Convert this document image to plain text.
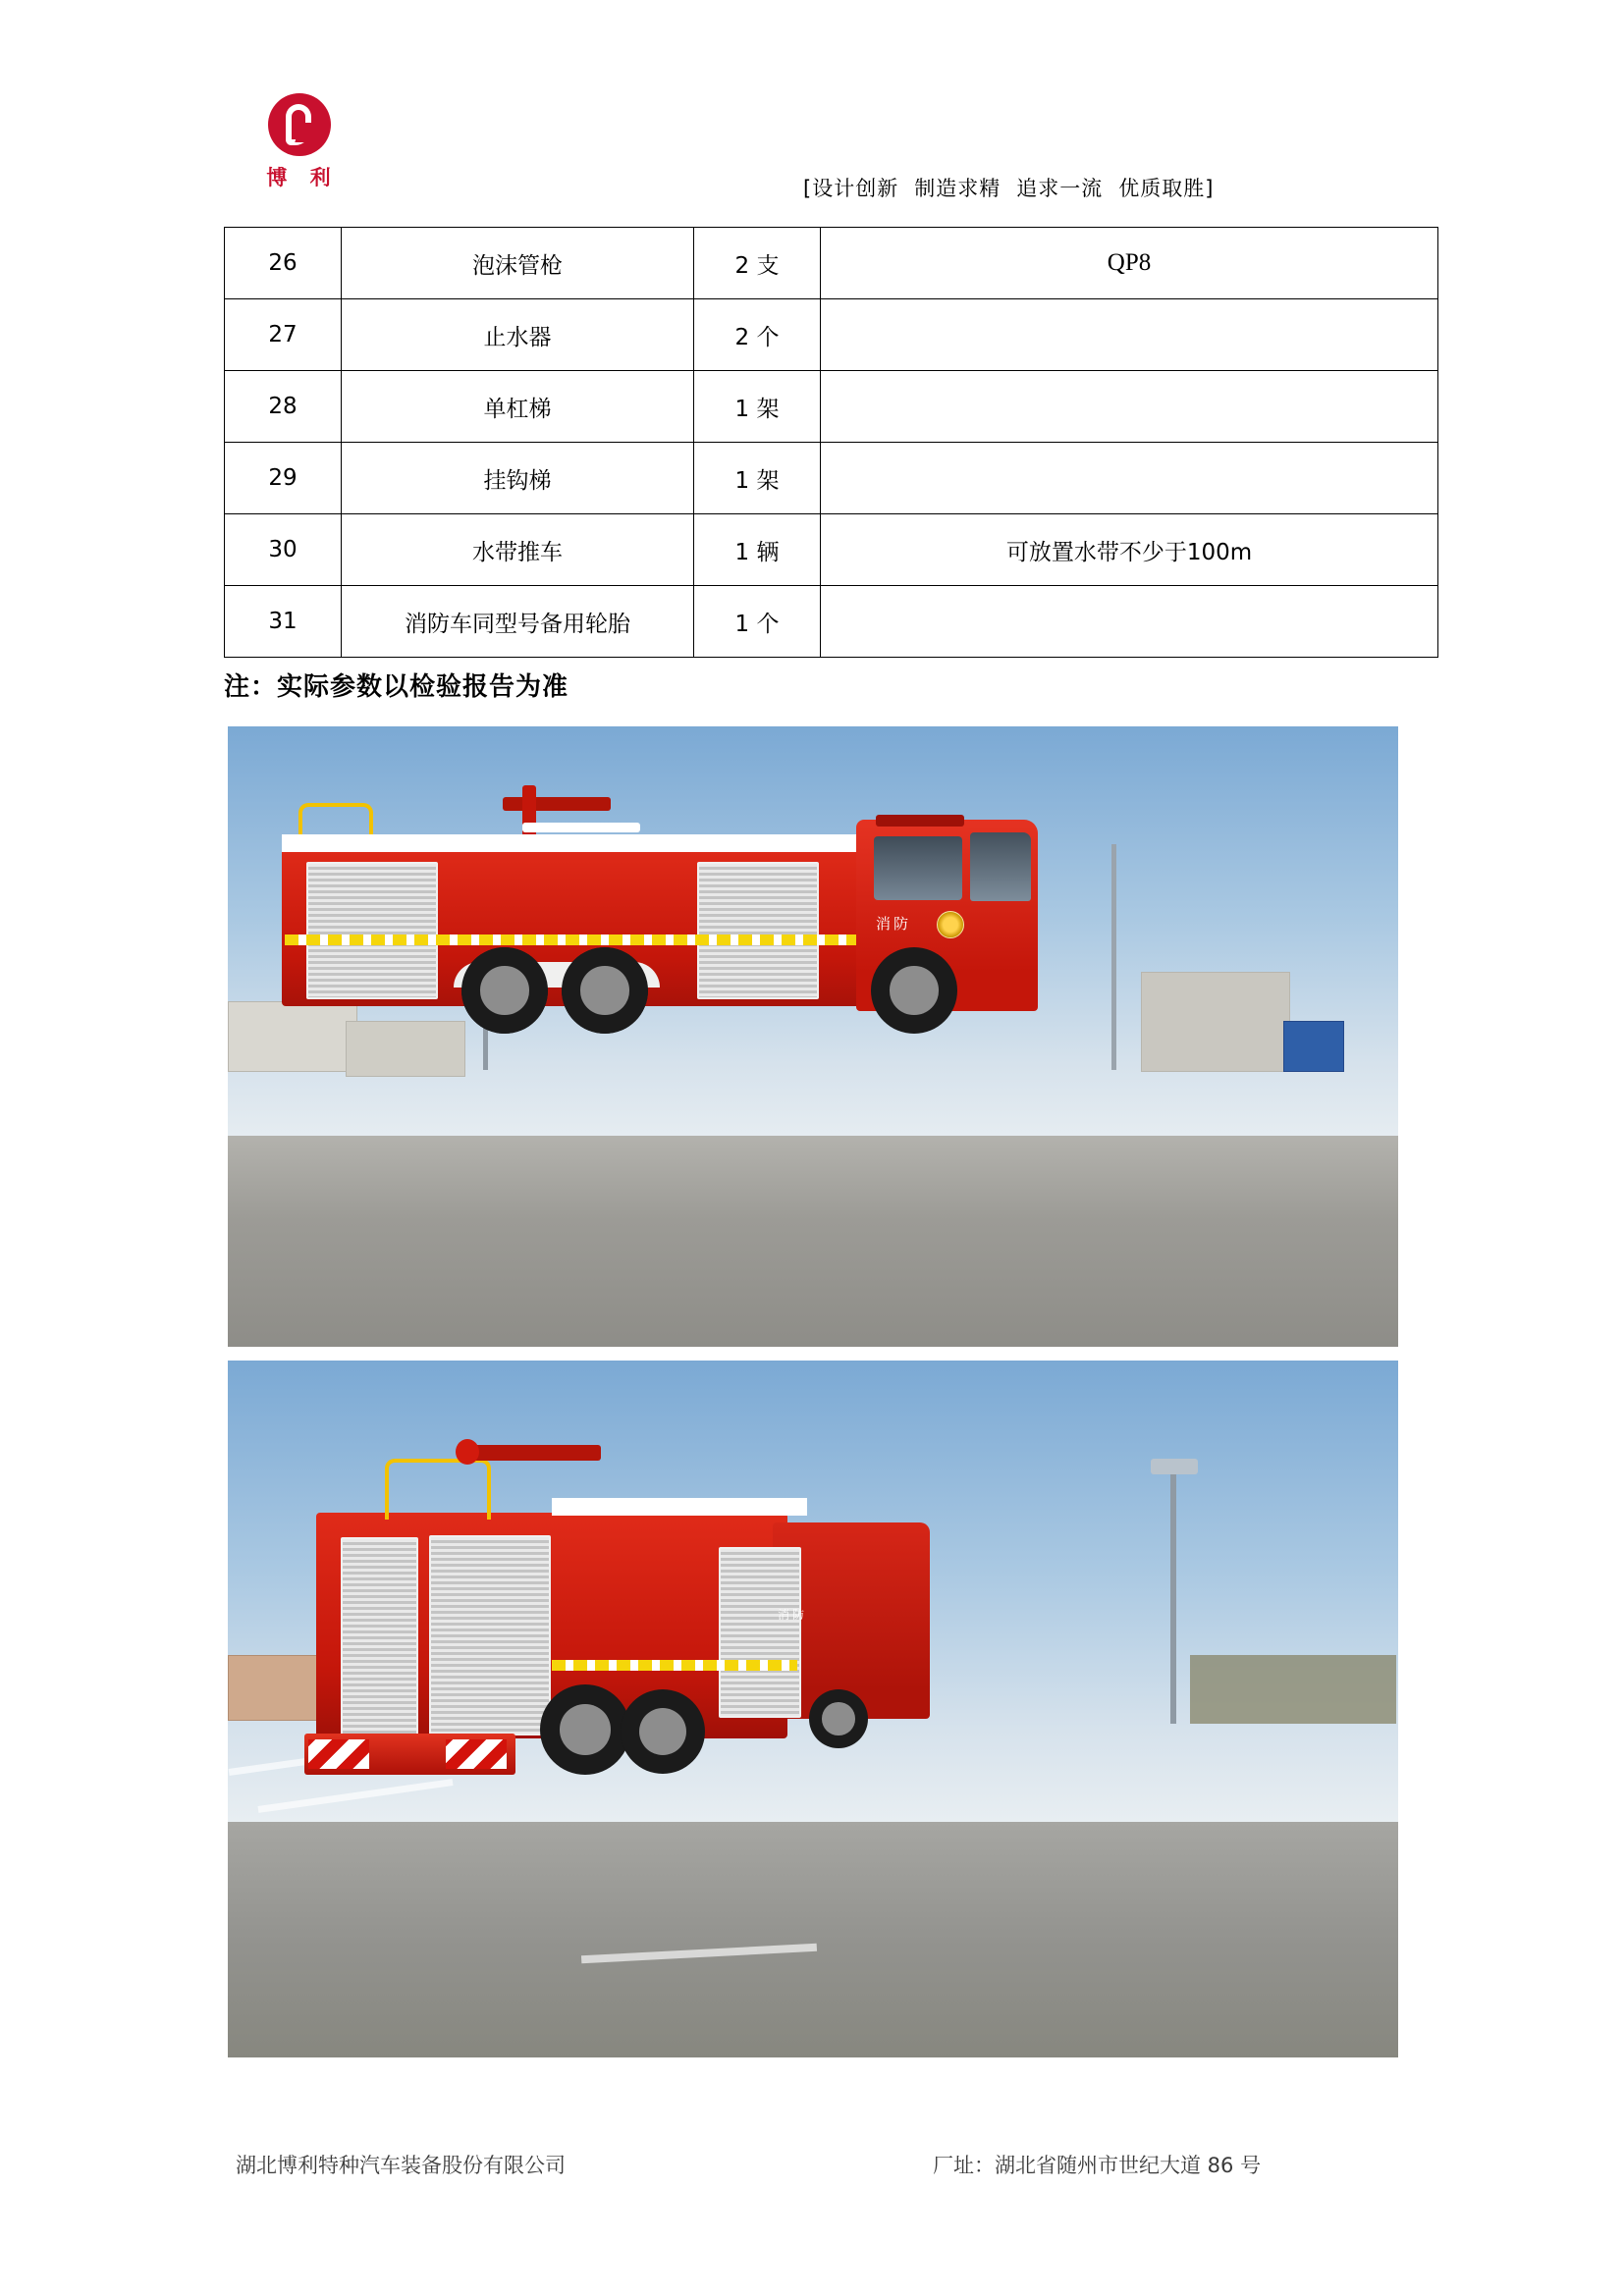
博 利	[设计创新 制造求精 追求一流 优质取胜]
26	泡沫管枪	2 支	QP8
27	止水器	2 个	
28	单杠梯	1 架	
29	挂钩梯	1 架	
30	水带推车	1 辆	可放置水带不少于100m
31	消防车同型号备用轮胎	1 个	
注：实际参数以检验报告为准
消防
消防
湖北博利特种汽车装备股份有限公司	厂址：湖北省随州市世纪大道 86 号
